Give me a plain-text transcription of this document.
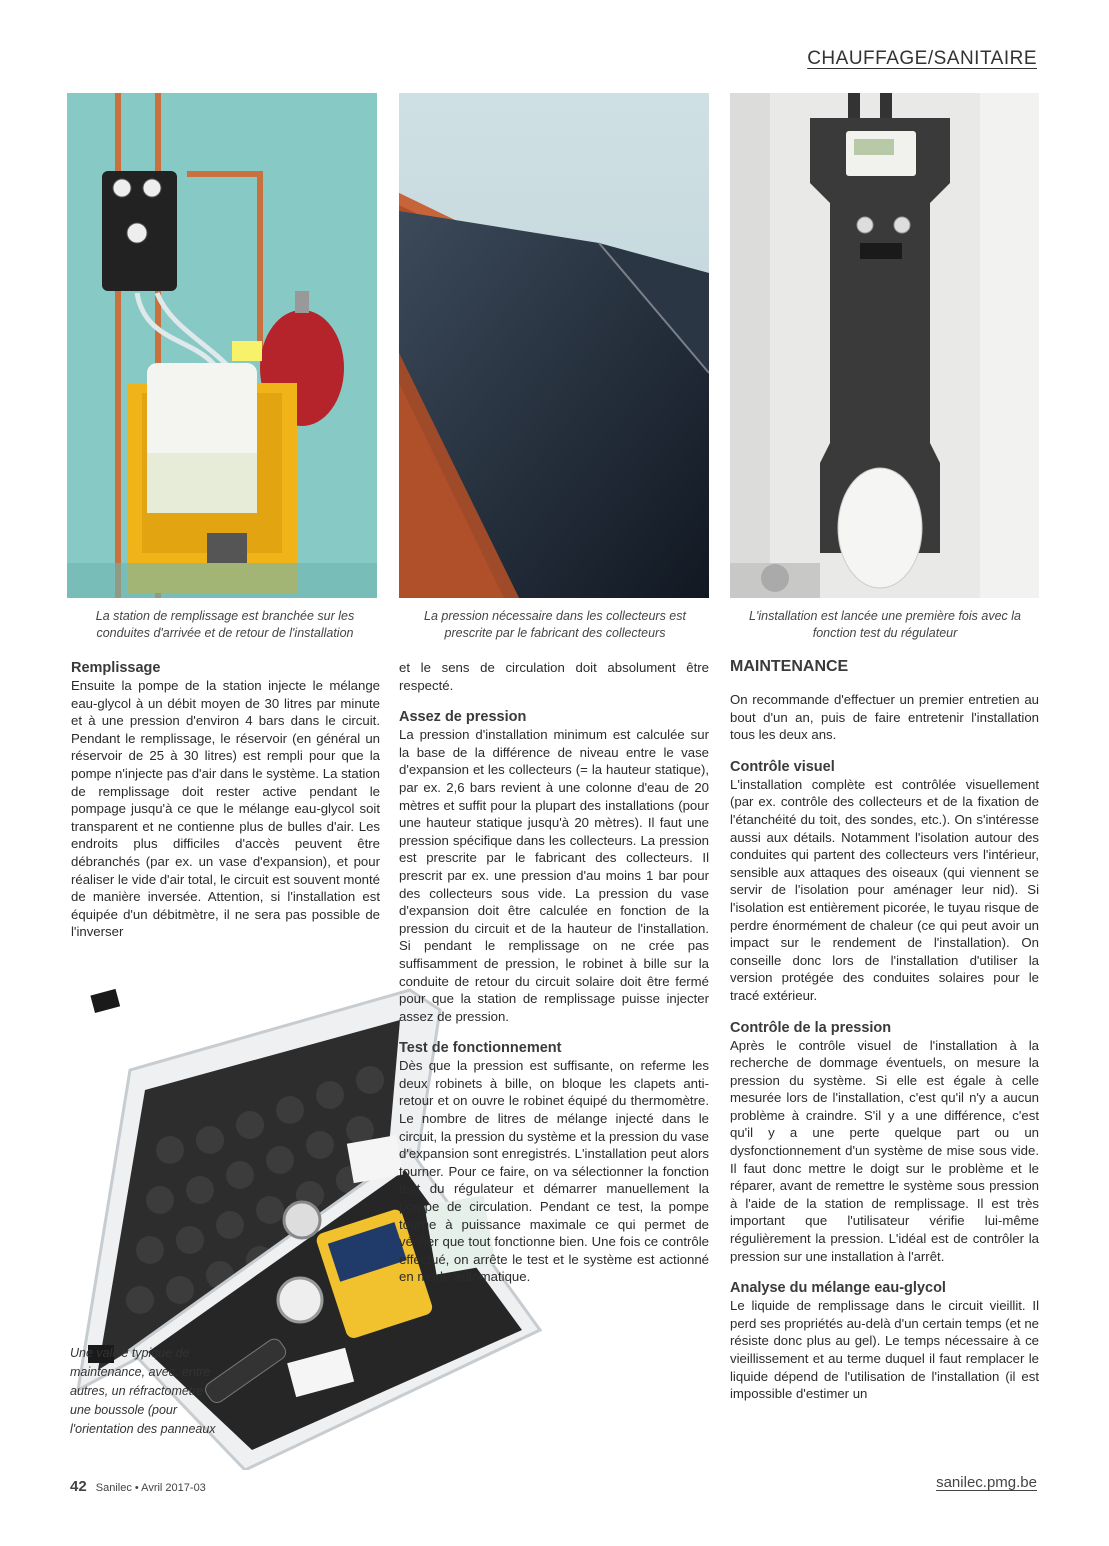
CHAUFFAGE/SANITAIRE
La station de remplissage est branchée sur les conduites d'arrivée et de retour de l'installation
La pression nécessaire dans les collecteurs est prescrite par le fabricant des collecteurs
L'installation est lancée une première fois avec la fonction test du régulateur
Une valise typique de maintenance, avec, entre autres, un réfractomètre et une boussole (pour l'orientation des panneaux
Remplissage

Ensuite la pompe de la station injecte le mélange eau-glycol à un débit moyen de 30 litres par minute et à une pression d'environ 4 bars dans le circuit. Pendant le remplissage, le réservoir (en général un réservoir de 25 à 30 litres) est rempli pour que la pompe n'injecte pas d'air dans le système. La station de remplissage doit rester active pendant le pompage jusqu'à ce que le mélange eau-glycol soit transparent et ne contienne plus de bulles d'air. Les endroits plus difficiles d'accès peuvent être débranchés (par ex. un vase d'expansion), et pour réaliser le vide d'air total, le circuit est souvent monté de manière inversée. Attention, si l'installation est équipée d'un débitmètre, il ne sera pas possible de l'inverser

et le sens de circulation doit absolument être respecté.

Assez de pression

La pression d'installation minimum est calculée sur la base de la différence de niveau entre le vase d'expansion et les collecteurs (= la hauteur statique), par ex. 2,6 bars revient à une colonne d'eau de 20 mètres et suffit pour la plupart des installations (pour une hauteur statique jusqu'à 20 mètres). Il faut une pression spécifique dans les collecteurs. La pression est prescrite par le fabricant des collecteurs. Il prescrit par ex. une pression d'au moins 1 bar pour des collecteurs sous vide. La pression du vase d'expansion doit être calculée en fonction de la pression du circuit et de la hauteur de l'installation. Si pendant le remplissage on ne crée pas suffisamment de pression, le robinet à bille sur la conduite de retour du circuit solaire doit être fermé pour que la station de remplissage puisse injecter assez de pression.

Test de fonctionnement

Dès que la pression est suffisante, on referme les deux robinets à bille, on bloque les clapets anti-retour et on ouvre le robinet équipé du thermomètre. Le nombre de litres de mélange injecté dans le circuit, la pression du système et la pression du vase d'expansion sont enregistrés. L'installation peut alors tourner. Pour ce faire, on va sélectionner la fonction test du régulateur et démarrer manuellement la pompe de circulation. Pendant ce test, la pompe tourne à puissance maximale ce qui permet de vérifier que tout fonctionne bien. Une fois ce contrôle effectué, on arrête le test et le système est actionné en mode automatique.

MAINTENANCE

On recommande d'effectuer un premier entretien au bout d'un an, puis de faire entretenir l'installation tous les deux ans.

Contrôle visuel

L'installation complète est contrôlée visuellement (par ex. contrôle des collecteurs et de la fixation de l'étanchéité du toit, des sondes, etc.). On s'intéresse aussi aux détails. Notamment l'isolation autour des conduites qui partent des collecteurs vers l'intérieur, sensible aux attaques des oiseaux (qui viennent se servir de l'isolation pour aménager leur nid). Si l'isolation est entièrement picorée, le tuyau risque de perdre énormément de chaleur (ce qui peut avoir un impact sur le rendement de l'installation). On conseille donc lors de l'installation d'utiliser la version protégée des conduites solaires pour le tracé extérieur.

Contrôle de la pression

Après le contrôle visuel de l'installation à la recherche de dommage éventuels, on mesure la pression du système. Si elle est égale à celle mesurée lors de l'installation, c'est qu'il n'y a aucun problème à craindre. S'il y a une différence, c'est qu'il y a une perte quelque part ou un dysfonctionnement d'un système de mise sous vide. Il faut donc mettre le doigt sur le problème et le réparer, avant de remettre le système sous pression à l'aide de la station de remplissage. Il est très important que l'utilisateur vérifie lui-même régulièrement la pression. L'idéal est de contrôler la pression sur une installation à l'arrêt.

Analyse du mélange eau-glycol

Le liquide de remplissage dans le circuit vieillit. Il perd ses propriétés au-delà d'un certain temps (et ne résiste donc plus au gel). Le temps nécessaire à ce vieillissement et au terme duquel il faut remplacer le liquide dépend de l'utilisation de l'installation (il est impossible d'estimer un

42 Sanilec • Avril 2017-03	sanilec.pmg.be
